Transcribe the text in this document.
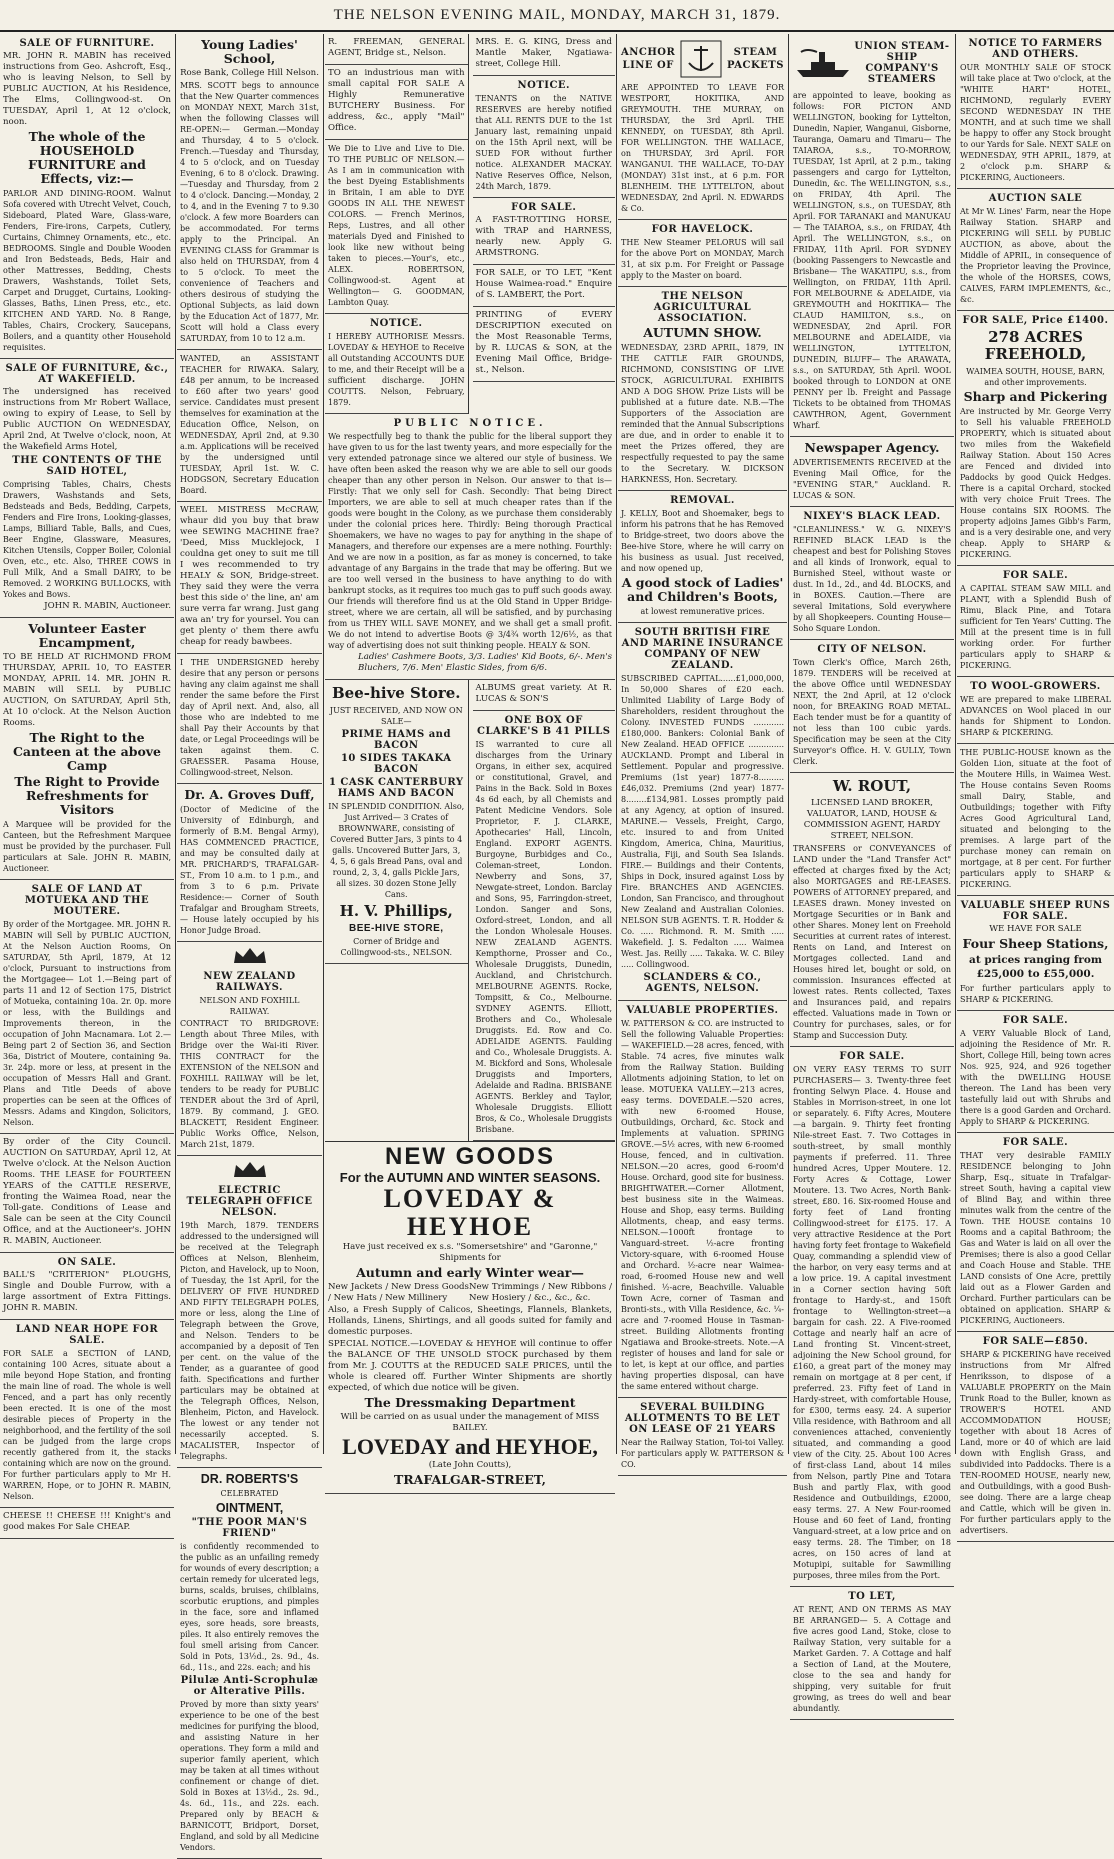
THE NELSON EVENING MAIL, MONDAY, MARCH 31, 1879.
SALE OF FURNITURE.

MR. JOHN R. MABIN has received instructions from Geo. Ashcroft, Esq., who is leaving Nelson, to Sell by PUBLIC AUCTION, At his Residence, The Elms, Collingwood-st. On TUESDAY, April 1, At 12 o'clock, noon.

The whole of the HOUSEHOLD FURNITURE and Effects, viz:—

PARLOR AND DINING-ROOM. Walnut Sofa covered with Utrecht Velvet, Couch, Sideboard, Plated Ware, Glass-ware, Fenders, Fire-irons, Carpets, Cutlery, Curtains, Chimney Ornaments, etc., etc. BEDROOMS. Single and Double Wooden and Iron Bedsteads, Beds, Hair and other Mattresses, Bedding, Chests Drawers, Washstands, Toilet Sets, Carpet and Drugget, Curtains, Looking-Glasses, Baths, Linen Press, etc., etc. KITCHEN AND YARD. No. 8 Range, Tables, Chairs, Crockery, Saucepans, Boilers, and a quantity other Household requisites.

SALE OF FURNITURE, &c., AT WAKEFIELD.

The undersigned has received instructions from Mr Robert Wallace, owing to expiry of Lease, to Sell by Public AUCTION On WEDNESDAY, April 2nd, At Twelve o'clock, noon, At the Wakefield Arms Hotel,

THE CONTENTS OF THE SAID HOTEL,

Comprising Tables, Chairs, Chests Drawers, Washstands and Sets, Bedsteads and Beds, Bedding, Carpets, Fenders and Fire Irons, Looking-glasses, Lamps, Billiard Table, Balls, and Cues, Beer Engine, Glassware, Measures, Kitchen Utensils, Copper Boiler, Colonial Oven, etc., etc. Also, THREE COWS in Full Milk, And a Small DAIRY, to be Removed. 2 WORKING BULLOCKS, with Yokes and Bows.

JOHN R. MABIN, Auctioneer.
Volunteer Easter Encampment,

TO BE HELD AT RICHMOND FROM THURSDAY, APRIL 10, TO EASTER MONDAY, APRIL 14. MR. JOHN R. MABIN will SELL by PUBLIC AUCTION, On SATURDAY, April 5th, At 10 o'clock. At the Nelson Auction Rooms.

The Right to the Canteen at the above Camp
The Right to Provide Refreshments for Visitors

A Marquee will be provided for the Canteen, but the Refreshment Marquee must be provided by the purchaser. Full particulars at Sale. JOHN R. MABIN, Auctioneer.

SALE OF LAND AT MOTUEKA AND THE MOUTERE.

By order of the Mortgagee. MR. JOHN R. MABIN will Sell by PUBLIC AUCTION, At the Nelson Auction Rooms, On SATURDAY, 5th April, 1879, At 12 o'clock, Pursuant to instructions from the Mortgagee— Lot 1.—Being part of parts 11 and 12 of Section 175, District of Motueka, containing 10a. 2r. 0p. more or less, with the Buildings and Improvements thereon, in the occupation of John Macnamara. Lot 2.—Being part 2 of Section 36, and Section 36a, District of Moutere, containing 9a. 3r. 24p. more or less, at present in the occupation of Messrs Hall and Grant. Plans and Title Deeds of above properties can be seen at the Offices of Messrs. Adams and Kingdon, Solicitors, Nelson.

By order of the City Council. AUCTION On SATURDAY, April 12, At Twelve o'clock. At the Nelson Auction Rooms. THE LEASE for FOURTEEN YEARS of the CATTLE RESERVE, fronting the Waimea Road, near the Toll-gate. Conditions of Lease and Sale can be seen at the City Council Office, and at the Auctioneer's. JOHN R. MABIN, Auctioneer.

ON SALE.

BALL'S "CRITERION" PLOUGHS, Single and Double Furrow, with a large assortment of Extra Fittings. JOHN R. MABIN.

LAND NEAR HOPE FOR SALE.

FOR SALE a SECTION of LAND, containing 100 Acres, situate about a mile beyond Hope Station, and fronting the main line of road. The whole is well Fenced, and a part has only recently been erected. It is one of the most desirable pieces of Property in the neighborhood, and the fertility of the soil can be judged from the large crops recently gathered from it, the stacks containing which are now on the ground. For further particulars apply to Mr H. WARREN, Hope, or to JOHN R. MABIN, Nelson.

CHEESE !! CHEESE !!! Knight's and good makes For Sale CHEAP.

Young Ladies' School,
Rose Bank, College Hill Nelson.

MRS. SCOTT begs to announce that the New Quarter commences on MONDAY NEXT, March 31st, when the following Classes will RE-OPEN:— German.—Monday and Thursday, 4 to 5 o'clock. French.—Tuesday and Thursday, 4 to 5 o'clock, and on Tuesday Evening, 6 to 8 o'clock. Drawing.—Tuesday and Thursday, from 2 to 4 o'clock. Dancing.—Monday, 2 to 4, and in the Evening 7 to 9.30 o'clock. A few more Boarders can be accommodated. For terms apply to the Principal. An EVENING CLASS for Grammar is also held on THURSDAY, from 4 to 5 o'clock. To meet the convenience of Teachers and others desirous of studying the Optional Subjects, as laid down by the Education Act of 1877, Mr. Scott will hold a Class every SATURDAY, from 10 to 12 a.m.

WANTED, an ASSISTANT TEACHER for RIWAKA. Salary, £48 per annum, to be increased to £60 after two years' good service. Candidates must present themselves for examination at the Education Office, Nelson, on WEDNESDAY, April 2nd, at 9.30 a.m. Applications will be received by the undersigned until TUESDAY, April 1st. W. C. HODGSON, Secretary Education Board.

WEEL MISTRESS McCRAW, whaur did you buy that braw wee SEWING MACHINE frae? 'Deed, Miss Mucklejock, I couldna get oney to suit me till I wes recommended to try HEALY & SON, Bridge-street. They said they were the verra best this side o' the line, an' am sure verra far wrang. Just gang awa an' try for yoursel. You can get plenty o' them there awfu cheap for ready bawbees.

I THE UNDERSIGNED hereby desire that any person or persons having any claim against me shall render the same before the First day of April next. And, also, all those who are indebted to me shall Pay their Accounts by that date, or Legal Proceedings will be taken against them. C. GRAESSER. Pasama House, Collingwood-street, Nelson.

Dr. A. Groves Duff,

(Doctor of Medicine of the University of Edinburgh, and formerly of B.M. Bengal Army), HAS COMMENCED PRACTICE, and may be consulted daily at MR. PRICHARD'S, TRAFALGAR-ST., From 10 a.m. to 1 p.m., and from 3 to 6 p.m. Private Residence:— Corner of South Trafalgar and Brougham Streets,— House lately occupied by his Honor Judge Broad.

NEW ZEALAND RAILWAYS.
NELSON AND FOXHILL RAILWAY.

CONTRACT TO BRIDGROVE: Length about Three Miles, with Bridge over the Wai-iti River. THIS CONTRACT for the EXTENSION of the NELSON and FOXHILL RAILWAY will be let, tenders to be ready for PUBLIC TENDER about the 3rd of April, 1879. By command, J. GEO. BLACKETT, Resident Engineer. Public Works Office, Nelson, March 21st, 1879.

ELECTRIC TELEGRAPH OFFICE NELSON.

19th March, 1879. TENDERS addressed to the undersigned will be received at the Telegraph Offices at Nelson, Blenheim, Picton, and Havelock, up to Noon, of Tuesday, the 1st April, for the DELIVERY OF FIVE HUNDRED AND FIFTY TELEGRAPH POLES, more or less, along the Line of Telegraph between the Grove, and Nelson. Tenders to be accompanied by a deposit of Ten per cent. on the value of the Tender, as a guarantee of good faith. Specifications and further particulars may be obtained at the Telegraph Offices, Nelson, Blenheim, Picton, and Havelock. The lowest or any tender not necessarily accepted. S. MACALISTER, Inspector of Telegraphs.

DR. ROBERTS'S
CELEBRATED
OINTMENT,
"THE POOR MAN'S FRIEND"

is confidently recommended to the public as an unfailing remedy for wounds of every description; a certain remedy for ulcerated legs, burns, scalds, bruises, chilblains, scorbutic eruptions, and pimples in the face, sore and inflamed eyes, sore heads, sore breasts, piles. It also entirely removes the foul smell arising from Cancer. Sold in Pots, 13½d., 2s. 9d., 4s. 6d., 11s., and 22s. each; and his

Pilulæ Anti-Scrophulæ or Alterative Pills.

Proved by more than sixty years' experience to be one of the best medicines for purifying the blood, and assisting Nature in her operations. They form a mild and superior family aperient, which may be taken at all times without confinement or change of diet. Sold in Boxes at 13½d., 2s. 9d., 4s. 6d., 11s., and 22s. each. Prepared only by BEACH & BARNICOTT, Bridport, Dorset, England, and sold by all Medicine Vendors.

R. FREEMAN, GENERAL AGENT, Bridge st., Nelson.

TO an industrious man with small capital FOR SALE A Highly Remunerative BUTCHERY Business. For address, &c., apply "Mail" Office.

We Die to Live and Live to Die. TO THE PUBLIC OF NELSON.— As I am in communication with the best Dyeing Establishments in Britain, I am able to DYE GOODS IN ALL THE NEWEST COLORS. — French Merinos, Reps, Lustres, and all other materials Dyed and Finished to look like new without being taken to pieces.—Your's, etc., ALEX. ROBERTSON, Collingwood-st. Agent at Wellington— G. GOODMAN, Lambton Quay.

NOTICE.

I HEREBY AUTHORISE Messrs. LOVEDAY & HEYHOE to Receive all Outstanding ACCOUNTS DUE to me, and their Receipt will be a sufficient discharge. JOHN COUTTS. Nelson, February, 1879.

MRS. E. G. KING, Dress and Mantle Maker, Ngatiawa-street, College Hill.

NOTICE.

TENANTS on the NATIVE RESERVES are hereby notified that ALL RENTS DUE to the 1st January last, remaining unpaid on the 15th April next, will be SUED FOR without further notice. ALEXANDER MACKAY. Native Reserves Office, Nelson, 24th March, 1879.

FOR SALE.

A FAST-TROTTING HORSE, with TRAP and HARNESS, nearly new. Apply G. ARMSTRONG.

FOR SALE, or TO LET, "Kent House Waimea-road." Enquire of S. LAMBERT, the Port.

PRINTING of EVERY DESCRIPTION executed on the Most Reasonable Terms, by R. LUCAS & SON, at the Evening Mail Office, Bridge-st., Nelson.

PUBLIC NOTICE.

We respectfully beg to thank the public for the liberal support they have given to us for the last twenty years, and more especially for the very extended patronage since we altered our style of business. We have often been asked the reason why we are able to sell our goods cheaper than any other person in Nelson. Our answer to that is— Firstly: That we only sell for Cash. Secondly: That being Direct Importers, we are able to sell at much cheaper rates than if the goods were bought in the Colony, as we purchase them considerably under the colonial prices here. Thirdly: Being thorough Practical Shoemakers, we have no wages to pay for anything in the shape of Managers, and therefore our expenses are a mere nothing. Fourthly: And we are now in a position, as far as money is concerned, to take advantage of any Bargains in the trade that may be offering. But we are too well versed in the business to have anything to do with bankrupt stocks, as it requires too much gas to puff such goods away. Our friends will therefore find us at the Old Stand in Upper Bridge-street, where we are certain, all will be satisfied, and by purchasing from us THEY WILL SAVE MONEY, and we shall get a small profit. We do not intend to advertise Boots @ 3/4¾ worth 12/6½, as that way of advertising does not suit thinking people. HEALY & SON.

Ladies' Cashmere Boots, 3/3. Ladies' Kid Boots, 6/-. Men's Bluchers, 7/6. Men' Elastic Sides, from 6/6.

Bee-hive Store.
JUST RECEIVED, AND NOW ON SALE—
PRIME HAMS and BACON
10 SIDES TAKAKA BACON
1 CASK CANTERBURY HAMS AND BACON

IN SPLENDID CONDITION. Also, Just Arrived— 3 Crates of BROWNWARE, consisting of Covered Butter Jars, 3 pints to 4 galls. Uncovered Butter Jars, 3, 4, 5, 6 gals Bread Pans, oval and round, 2, 3, 4, galls Pickle Jars, all sizes. 30 dozen Stone Jelly Cans.

H. V. Phillips,
BEE-HIVE STORE,
Corner of Bridge and Collingwood-sts., NELSON.

ALBUMS great variety. At R. LUCAS & SON'S

ONE BOX OF CLARKE'S B 41 PILLS

IS warranted to cure all discharges from the Urinary Organs, in either sex, acquired or constitutional, Gravel, and Pains in the Back. Sold in Boxes 4s 6d each, by all Chemists and Patent Medicine Vendors. Sole Proprietor, F. J. CLARKE, Apothecaries' Hall, Lincoln, England. EXPORT AGENTS. Burgoyne, Burbidges and Co., Coleman-street, London. Newberry and Sons, 37, Newgate-street, London. Barclay and Sons, 95, Farringdon-street, London. Sanger and Sons, Oxford-street, London, and all the London Wholesale Houses. NEW ZEALAND AGENTS. Kempthorne, Prosser and Co., Wholesale Druggists, Dunedin, Auckland, and Christchurch. MELBOURNE AGENTS. Rocke, Tompsitt, & Co., Melbourne. SYDNEY AGENTS. Elliott, Brothers and Co., Wholesale Druggists. Ed. Row and Co. ADELAIDE AGENTS. Faulding and Co., Wholesale Druggists. A. M. Bickford and Sons, Wholesale Druggists and Importers, Adelaide and Radina. BRISBANE AGENTS. Berkley and Taylor, Wholesale Druggists. Elliott Bros, & Co., Wholesale Druggists Brisbane.

NEW GOODS
For the AUTUMN AND WINTER SEASONS.
LOVEDAY & HEYHOE
Have just received ex s.s. "Somersetshire" and "Garonne," Shipments for
Autumn and early Winter wear—
New Jackets / New Dress Goods / New Hats / New Millinery
New Trimmings / New Ribbons / New Hosiery / &c., &c., &c.

Also, a Fresh Supply of Calicos, Sheetings, Flannels, Blankets, Hollands, Linens, Shirtings, and all goods suited for family and domestic purposes.

SPECIAL NOTICE.—LOVEDAY & HEYHOE will continue to offer the BALANCE OF THE UNSOLD STOCK purchased by them from Mr. J. COUTTS at the REDUCED SALE PRICES, until the whole is cleared off. Further Winter Shipments are shortly expected, of which due notice will be given.

The Dressmaking Department
Will be carried on as usual under the management of MISS BAILEY.
LOVEDAY and HEYHOE,
(Late John Coutts),
TRAFALGAR-STREET,
ANCHOR
LINE OF
STEAM
PACKETS

ARE APPOINTED TO LEAVE FOR WESTPORT, HOKITIKA, AND GREYMOUTH. THE MURRAY, on THURSDAY, the 3rd April. THE KENNEDY, on TUESDAY, 8th April. FOR WELLINGTON. THE WALLACE, on THURSDAY, 3rd April. FOR WANGANUI. THE WALLACE, TO-DAY (MONDAY) 31st inst., at 6 p.m. FOR BLENHEIM. THE LYTTELTON, about WEDNESDAY, 2nd April. N. EDWARDS & Co.

FOR HAVELOCK.

THE New Steamer PELORUS will sail for the above Port on MONDAY, March 31, at six p.m. For Freight or Passage apply to the Master on board.

THE NELSON AGRICULTURAL ASSOCIATION.
AUTUMN SHOW.

WEDNESDAY, 23RD APRIL, 1879, IN THE CATTLE FAIR GROUNDS, RICHMOND, CONSISTING OF LIVE STOCK, AGRICULTURAL EXHIBITS AND A DOG SHOW. Prize Lists will be published at a future date. N.B.—The Supporters of the Association are reminded that the Annual Subscriptions are due, and in order to enable it to meet the Prizes offered, they are respectfully requested to pay the same to the Secretary. W. DICKSON HARKNESS, Hon. Secretary.

REMOVAL.

J. KELLY, Boot and Shoemaker, begs to inform his patrons that he has Removed to Bridge-street, two doors above the Bee-hive Store, where he will carry on his business as usual. Just received, and now opened up,

A good stock of Ladies' and Children's Boots,
at lowest remunerative prices.
SOUTH BRITISH FIRE AND MARINE INSURANCE COMPANY OF NEW ZEALAND.

SUBSCRIBED CAPITAL......£1,000,000, In 50,000 Shares of £20 each. Unlimited Liability of Large Body of Shareholders, resident throughout the Colony. INVESTED FUNDS ............ £180,000. Bankers: Colonial Bank of New Zealand. HEAD OFFICE .............. AUCKLAND. Prompt and Liberal in Settlement. Popular and progressive. Premiums (1st year) 1877-8..........£46,032. Premiums (2nd year) 1877-8........£134,981. Losses promptly paid at any Agency, at option of insured. MARINE.— Vessels, Freight, Cargo, etc. insured to and from United Kingdom, America, China, Mauritius, Australia, Fiji, and South Sea Islands. FIRE.— Buildings and their Contents, Ships in Dock, insured against Loss by Fire. BRANCHES AND AGENCIES. London, San Francisco, and throughout New Zealand and Australian Colonies. NELSON SUB AGENTS. T. R. Hodder & Co. ..... Richmond. R. M. Smith ..... Wakefield. J. S. Fedalton ..... Waimea West. Jas. Reilly ..... Takaka. W. C. Biley ..... Collingwood.

SCLANDERS & CO., AGENTS, NELSON.
VALUABLE PROPERTIES.

W. PATTERSON & CO. are instructed to Sell the following Valuable Properties:— WAKEFIELD.—28 acres, fenced, with Stable. 74 acres, five minutes walk from the Railway Station. Building Allotments adjoining Station, to let on lease. MOTUEKA VALLEY.—213 acres, easy terms. DOVEDALE.—520 acres, with new 6-roomed House, Outbuildings, Orchard, &c. Stock and Implements at valuation. SPRING GROVE.—5½ acres, with new 6-roomed House, fenced, and in cultivation. NELSON.—20 acres, good 6-room'd House. Orchard, good site for business. BRIGHTWATER.—Corner Allotment, best business site in the Waimeas. House and Shop, easy terms. Building Allotments, cheap, and easy terms. NELSON.—1000ft frontage to Vanguard-street. ½-acre fronting Victory-square, with 6-roomed House and Orchard. ½-acre near Waimea-road, 6-roomed House new and well finished. ½-acre, Beachville. Valuable Town Acre, corner of Tasman and Bronti-sts., with Villa Residence, &c. ¼-acre and 7-roomed House in Tasman-street. Building Allotments fronting Ngatiawa and Brooke-streets. Note.—A register of houses and land for sale or to let, is kept at our office, and parties having properties disposal, can have the same entered without charge.

SEVERAL BUILDING ALLOTMENTS TO BE LET ON LEASE OF 21 YEARS

Near the Railway Station, Toi-toi Valley. For particulars apply W. PATTERSON & CO.

UNION STEAM-SHIP COMPANY'S STEAMERS

are appointed to leave, booking as follows: FOR PICTON AND WELLINGTON, booking for Lyttelton, Dunedin, Napier, Wanganui, Gisborne, Tauranga, Oamaru and Timaru— The TAIAROA, s.s., TO-MORROW, TUESDAY, 1st April, at 2 p.m., taking passengers and cargo for Lyttelton, Dunedin, &c. The WELLINGTON, s.s., on FRIDAY, 4th April. The WELLINGTON, s.s., on TUESDAY, 8th April. FOR TARANAKI and MANUKAU— The TAIAROA, s.s., on FRIDAY, 4th April. The WELLINGTON, s.s., on FRIDAY, 11th April. FOR SYDNEY (booking Passengers to Newcastle and Brisbane— The WAKATIPU, s.s., from Wellington, on FRIDAY, 11th April. FOR MELBOURNE & ADELAIDE, via GREYMOUTH and HOKITIKA— The CLAUD HAMILTON, s.s., on WEDNESDAY, 2nd April. FOR MELBOURNE and ADELAIDE, via WELLINGTON, LYTTELTON, DUNEDIN, BLUFF— The ARAWATA, s.s., on SATURDAY, 5th April. WOOL booked through to LONDON at ONE PENNY per lb. Freight and Passage Tickets to be obtained from THOMAS CAWTHRON, Agent, Government Wharf.

Newspaper Agency.

ADVERTISEMENTS RECEIVED at the Evening Mail Office, for the "EVENING STAR," Auckland. R. LUCAS & SON.

NIXEY'S BLACK LEAD.

"CLEANLINESS." W. G. NIXEY'S REFINED BLACK LEAD is the cheapest and best for Polishing Stoves and all kinds of Ironwork, equal to Burnished Steel, without waste or dust. In 1d., 2d., and 4d. BLOCKS, and in BOXES. Caution.—There are several Imitations, Sold everywhere by all Shopkeepers. Counting House—Soho Square London.

CITY OF NELSON.

Town Clerk's Office, March 26th, 1879. TENDERS will be received at the above Office until WEDNESDAY NEXT, the 2nd April, at 12 o'clock noon, for BREAKING ROAD METAL. Each tender must be for a quantity of not less than 100 cubic yards. Specification may be seen at the City Surveyor's Office. H. V. GULLY, Town Clerk.

W. ROUT,
LICENSED LAND BROKER, VALUATOR, LAND, HOUSE & COMMISSION AGENT, HARDY STREET, NELSON.

TRANSFERS or CONVEYANCES of LAND under the "Land Transfer Act" effected at charges fixed by the Act; also MORTGAGES and RE-LEASES. POWERS of ATTORNEY prepared, and LEASES drawn. Money invested on Mortgage Securities or in Bank and other Shares. Money lent on Freehold Securities at current rates of interest. Rents on Land, and Interest on Mortgages collected. Land and Houses hired let, bought or sold, on commission. Insurances effected at lowest rates. Rents collected, Taxes and Insurances paid, and repairs effected. Valuations made in Town or Country for purchases, sales, or for Stamp and Succession Duty.

FOR SALE.

ON VERY EASY TERMS TO SUIT PURCHASERS— 3. Twenty-three feet fronting Selwyn Place. 4. House and Stables in Morrison-street, in one lot or separately. 6. Fifty Acres, Moutere—a bargain. 9. Thirty feet fronting Nile-street East. 7. Two Cottages in south-street, by small monthly payments if preferred. 11. Three hundred Acres, Upper Moutere. 12. Forty Acres & Cottage, Lower Moutere. 13. Two Acres, North Bank-street, £80. 16. Six-roomed House and forty feet of Land fronting Collingwood-street for £175. 17. A very attractive Residence at the Port having forty feet frontage to Wakefield Quay, commanding a splendid view of the harbor, on very easy terms and at a low price. 19. A capital investment in a Corner section having 50ft frontage to Hardy-st., and 150ft frontage to Wellington-street—a bargain for cash. 22. A Five-roomed Cottage and nearly half an acre of Land fronting St. Vincent-street, adjoining the New School ground, for £160, a great part of the money may remain on mortgage at 8 per cent, if preferred. 23. Fifty feet of Land in Hardy-street, with comfortable House, for £300, terms easy. 24. A superior Villa residence, with Bathroom and all conveniences attached, conveniently situated, and commanding a good view of the City. 25. About 100 Acres of first-class Land, about 14 miles from Nelson, partly Pine and Totara Bush and partly Flax, with good Residence and Outbuildings, £2000, easy terms. 27. A New Four-roomed House and 60 feet of Land, fronting Vanguard-street, at a low price and on easy terms. 28. The Timber, on 18 acres, on 150 acres of land at Motupipi, suitable for Sawmilling purposes, three miles from the Port.

TO LET,

AT RENT, AND ON TERMS AS MAY BE ARRANGED— 5. A Cottage and five acres good Land, Stoke, close to Railway Station, very suitable for a Market Garden. 7. A Cottage and half a Section of Land, at the Moutere, close to the sea and handy for shipping, very suitable for fruit growing, as trees do well and bear abundantly.

NOTICE TO FARMERS AND OTHERS.

OUR MONTHLY SALE OF STOCK will take place at Two o'clock, at the "WHITE HART" HOTEL, RICHMOND, regularly EVERY SECOND WEDNESDAY IN THE MONTH, and at such time we shall be happy to offer any Stock brought to our Yards for Sale. NEXT SALE on WEDNESDAY, 9TH APRIL, 1879, at 2 o'clock p.m. SHARP & PICKERING, Auctioneers.

AUCTION SALE

At Mr W. Lines' Farm, near the Hope Railway Station. SHARP and PICKERING will SELL by PUBLIC AUCTION, as above, about the Middle of APRIL, in consequence of the Proprietor leaving the Province, the whole of the HORSES, COWS, CALVES, FARM IMPLEMENTS, &c., &c.

FOR SALE, Price £1400.
278 ACRES FREEHOLD,
WAIMEA SOUTH, HOUSE, BARN, and other improvements.
Sharp and Pickering

Are instructed by Mr. George Verry to Sell his valuable FREEHOLD PROPERTY, which is situated about two miles from the Wakefield Railway Station. About 150 Acres are Fenced and divided into Paddocks by good Quick Hedges. There is a capital Orchard, stocked with very choice Fruit Trees. The House contains SIX ROOMS. The property adjoins James Gibb's Farm, and is a very desirable one, and very cheap. Apply to SHARP & PICKERING.

FOR SALE.

A CAPITAL STEAM SAW MILL and PLANT, with a Splendid Bush of Rimu, Black Pine, and Totara sufficient for Ten Years' Cutting. The Mill at the present time is in full working order. For further particulars apply to SHARP & PICKERING.

TO WOOL-GROWERS.

WE are prepared to make LIBERAL ADVANCES on Wool placed in our hands for Shipment to London. SHARP & PICKERING.

THE PUBLIC-HOUSE known as the Golden Lion, situate at the foot of the Moutere Hills, in Waimea West. The House contains Seven Rooms small Dairy, Stable, and Outbuildings; together with Fifty Acres Good Agricultural Land, situated and belonging to the premises. A large part of the purchase money can remain on mortgage, at 8 per cent. For further particulars apply to SHARP & PICKERING.

VALUABLE SHEEP RUNS FOR SALE.
WE HAVE FOR SALE
Four Sheep Stations,
at prices ranging from £25,000 to £55,000.

For further particulars apply to SHARP & PICKERING.

FOR SALE.

A VERY Valuable Block of Land, adjoining the Residence of Mr. R. Short, College Hill, being town acres Nos. 925, 924, and 926 together with the DWELLING HOUSE thereon. The Land has been very tastefully laid out with Shrubs and there is a good Garden and Orchard. Apply to SHARP & PICKERING.

FOR SALE.

THAT very desirable FAMILY RESIDENCE belonging to John Sharp, Esq., situate in Trafalgar-street South, having a capital view of Blind Bay, and within three minutes walk from the centre of the Town. THE HOUSE contains 10 Rooms and a capital Bathroom; the Gas and Water is laid on all over the Premises; there is also a good Cellar and Coach House and Stable. THE LAND consists of One Acre, prettily laid out as a Flower Garden and Orchard. Further particulars can be obtained on application. SHARP & PICKERING, Auctioneers.

FOR SALE—£850.

SHARP & PICKERING have received instructions from Mr Alfred Henriksson, to dispose of a VALUABLE PROPERTY on the Main Trunk Road to the Buller, known as TROWER'S HOTEL AND ACCOMMODATION HOUSE; together with about 18 Acres of Land, more or 40 of which are laid down with English Grass, and subdivided into Paddocks. There is a TEN-ROOMED HOUSE, nearly new, and Outbuildings, with a good Bush-see doing. There are a large cheap and Cattle, which will be given in. For further particulars apply to the advertisers.
